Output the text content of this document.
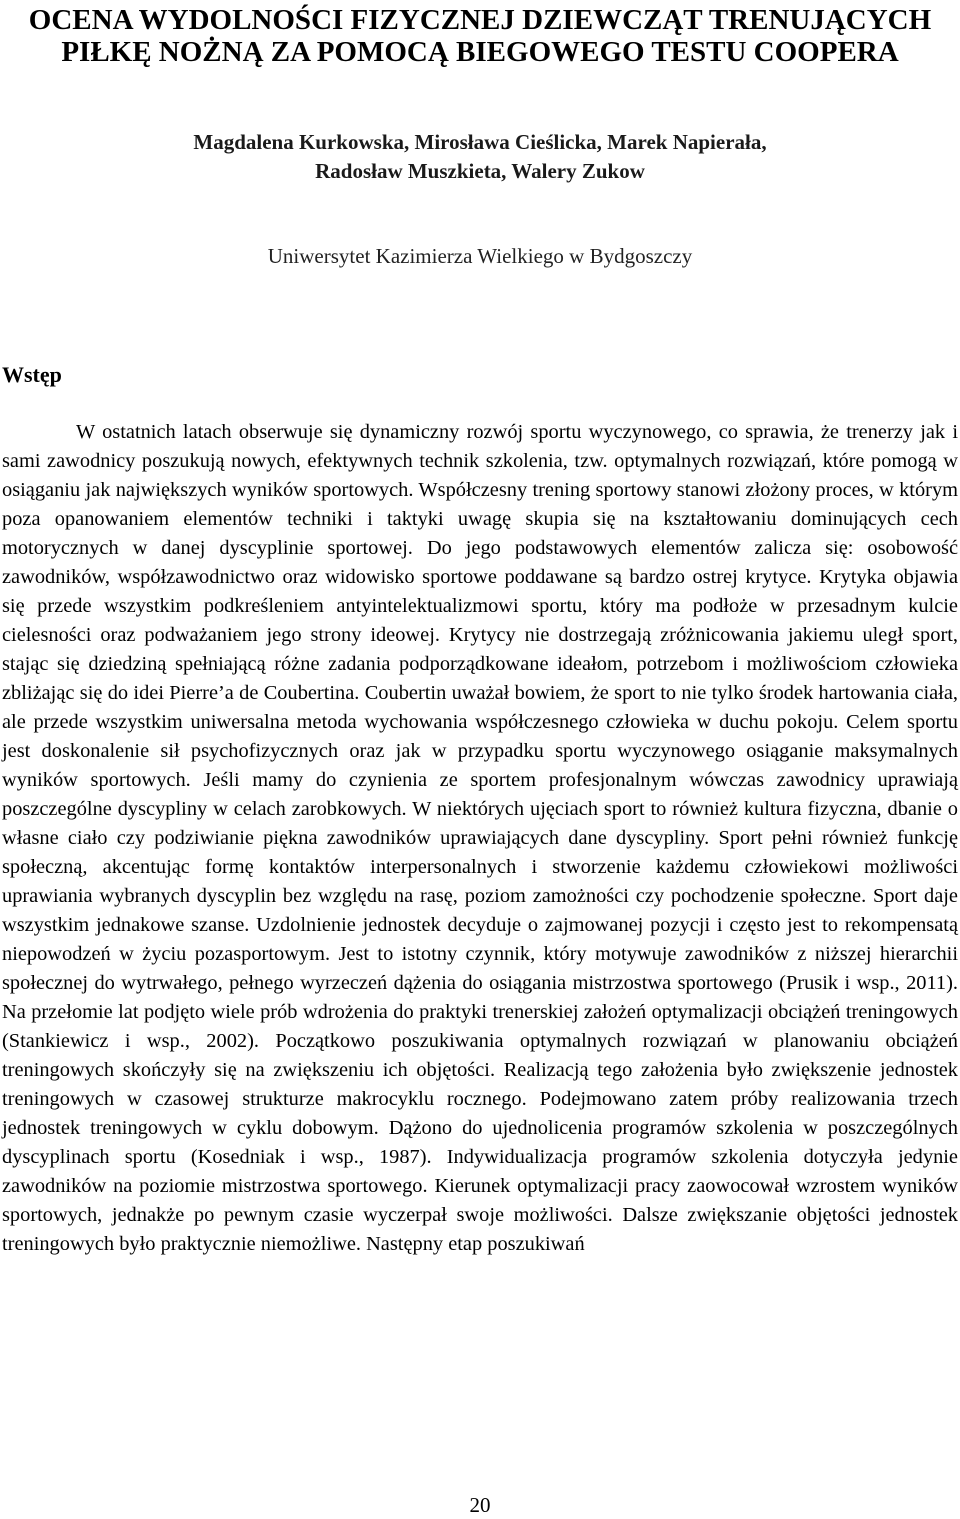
OCENA WYDOLNOŚCI FIZYCZNEJ DZIEWCZĄT TRENUJĄCYCH
PIŁKĘ NOŻNĄ ZA POMOCĄ BIEGOWEGO TESTU COOPERA
Magdalena Kurkowska, Mirosława Cieślicka, Marek Napierała,
Radosław Muszkieta, Walery Zukow
Uniwersytet Kazimierza Wielkiego w Bydgoszczy
Wstęp

W ostatnich latach obserwuje się dynamiczny rozwój sportu wyczynowego, co sprawia, że trenerzy jak i sami zawodnicy poszukują nowych, efektywnych technik szkolenia, tzw. optymalnych rozwiązań, które pomogą w osiąganiu jak największych wyników sportowych. Współczesny trening sportowy stanowi złożony proces, w którym poza opanowaniem elementów techniki i taktyki uwagę skupia się na kształtowaniu dominujących cech motorycznych w danej dyscyplinie sportowej. Do jego podstawowych elementów zalicza się: osobowość zawodników, współzawodnictwo oraz widowisko sportowe poddawane są bardzo ostrej krytyce. Krytyka objawia się przede wszystkim podkreśleniem antyintelektualizmowi sportu, który ma podłoże w przesadnym kulcie cielesności oraz podważaniem jego strony ideowej. Krytycy nie dostrzegają zróżnicowania jakiemu uległ sport, stając się dziedziną spełniającą różne zadania podporządkowane ideałom, potrzebom i możliwościom człowieka zbliżając się do idei Pierre’a de Coubertina. Coubertin uważał bowiem, że sport to nie tylko środek hartowania ciała, ale przede wszystkim uniwersalna metoda wychowania współczesnego człowieka w duchu pokoju. Celem sportu jest doskonalenie sił psychofizycznych oraz jak w przypadku sportu wyczynowego osiąganie maksymalnych wyników sportowych. Jeśli mamy do czynienia ze sportem profesjonalnym wówczas zawodnicy uprawiają poszczególne dyscypliny w celach zarobkowych. W niektórych ujęciach sport to również kultura fizyczna, dbanie o własne ciało czy podziwianie piękna zawodników uprawiających dane dyscypliny. Sport pełni również funkcję społeczną, akcentując formę kontaktów interpersonalnych i stworzenie każdemu człowiekowi możliwości uprawiania wybranych dyscyplin bez względu na rasę, poziom zamożności czy pochodzenie społeczne. Sport daje wszystkim jednakowe szanse. Uzdolnienie jednostek decyduje o zajmowanej pozycji i często jest to rekompensatą niepowodzeń w życiu pozasportowym. Jest to istotny czynnik, który motywuje zawodników z niższej hierarchii społecznej do wytrwałego, pełnego wyrzeczeń dążenia do osiągania mistrzostwa sportowego (Prusik i wsp., 2011). Na przełomie lat podjęto wiele prób wdrożenia do praktyki trenerskiej założeń optymalizacji obciążeń treningowych (Stankiewicz i wsp., 2002). Początkowo poszukiwania optymalnych rozwiązań w planowaniu obciążeń treningowych skończyły się na zwiększeniu ich objętości. Realizacją tego założenia było zwiększenie jednostek treningowych w czasowej strukturze makrocyklu rocznego. Podejmowano zatem próby realizowania trzech jednostek treningowych w cyklu dobowym. Dążono do ujednolicenia programów szkolenia w poszczególnych dyscyplinach sportu (Kosedniak i wsp., 1987). Indywidualizacja programów szkolenia dotyczyła jedynie zawodników na poziomie mistrzostwa sportowego. Kierunek optymalizacji pracy zaowocował wzrostem wyników sportowych, jednakże po pewnym czasie wyczerpał swoje możliwości. Dalsze zwiększanie objętości jednostek treningowych było praktycznie niemożliwe. Następny etap poszukiwań

20
